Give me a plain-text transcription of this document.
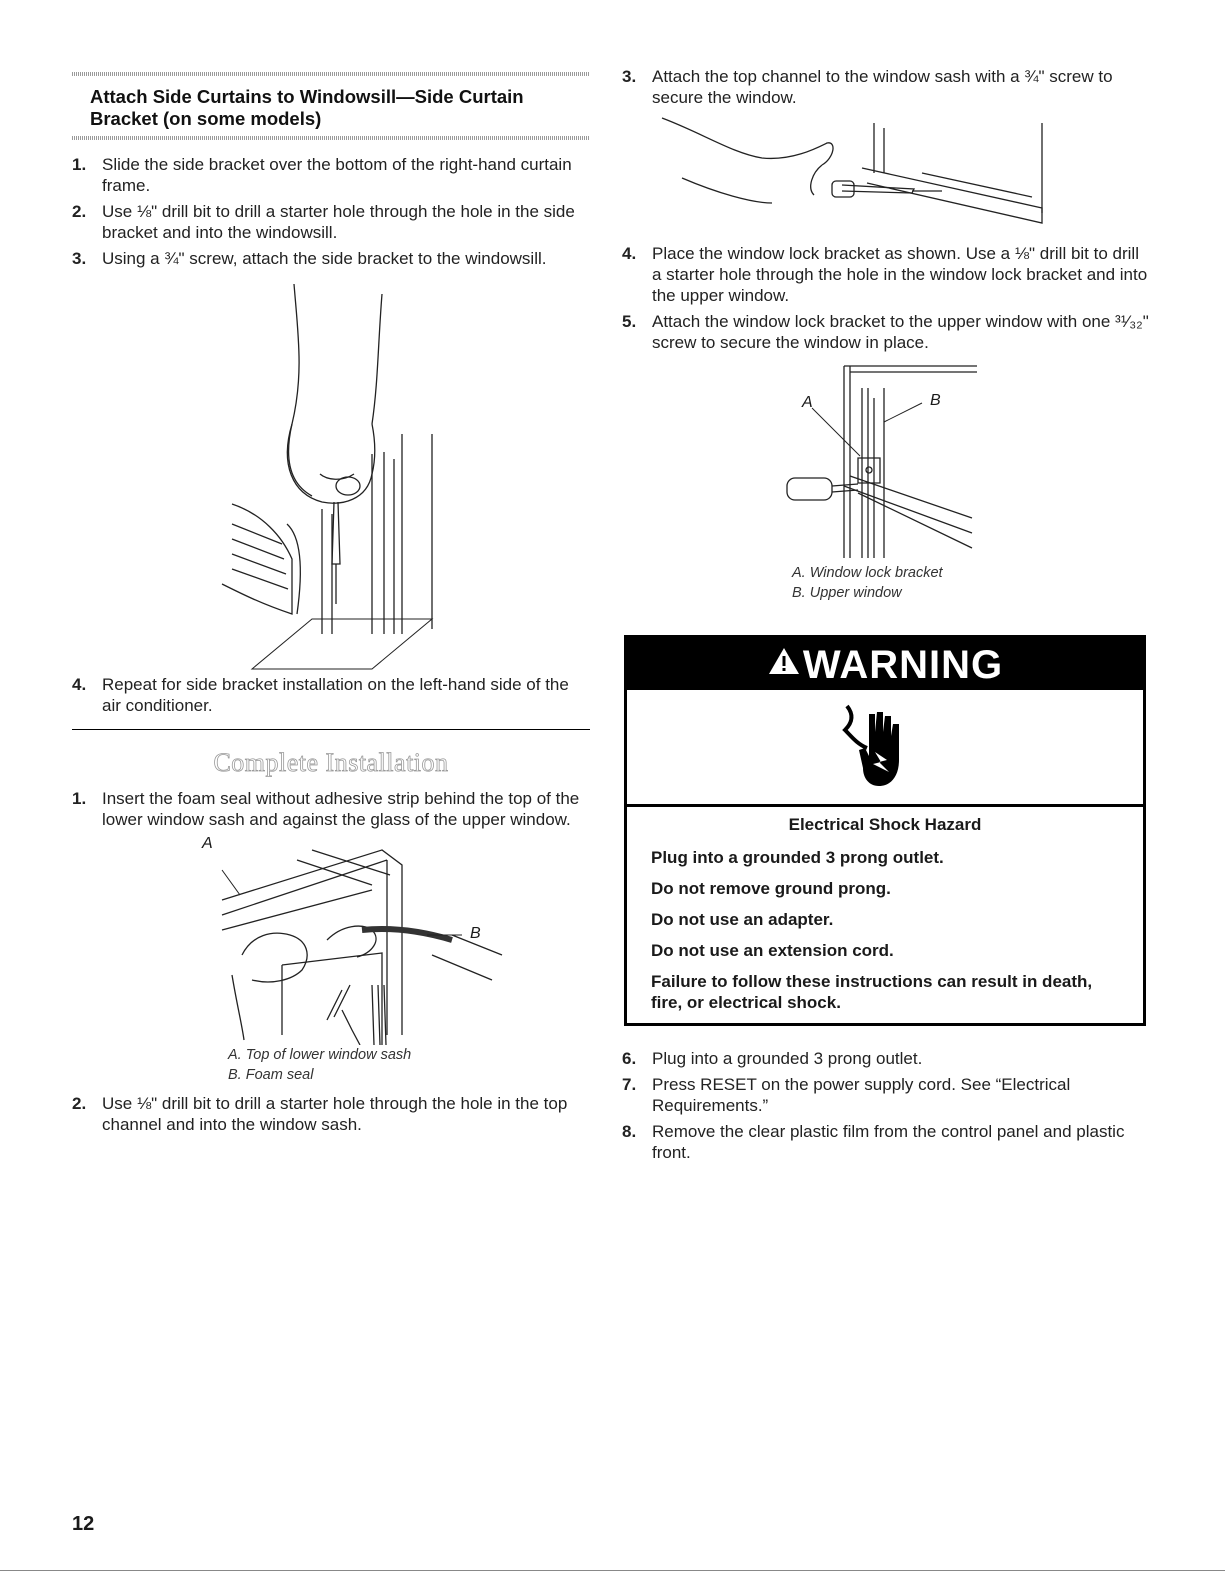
Attach Side Curtains to Windowsill—Side Curtain
Bracket (on some models)
1. Slide the side bracket over the bottom of the right-hand curtain frame.
2. Use ⅛" drill bit to drill a starter hole through the hole in the side bracket and into the windowsill.
3. Using a ¾" screw, attach the side bracket to the windowsill.
4. Repeat for side bracket installation on the left-hand side of the air conditioner.
Complete Installation
1. Insert the foam seal without adhesive strip behind the top of the lower window sash and against the glass of the upper window.
A
B
A. Top of lower window sash
B. Foam seal
2. Use ⅛" drill bit to drill a starter hole through the hole in the top channel and into the window sash.
3. Attach the top channel to the window sash with a ¾" screw to secure the window.
4. Place the window lock bracket as shown. Use a ⅛" drill bit to drill a starter hole through the hole in the window lock bracket and into the upper window.
5. Attach the window lock bracket to the upper window with one ³¹⁄₃₂" screw to secure the window in place.
A	B
A. Window lock bracket
B. Upper window
WARNING
Electrical Shock Hazard
Plug into a grounded 3 prong outlet.
Do not remove ground prong.
Do not use an adapter.
Do not use an extension cord.
Failure to follow these instructions can result in death, fire, or electrical shock.
6. Plug into a grounded 3 prong outlet.
7. Press RESET on the power supply cord. See “Electrical Requirements.”
8. Remove the clear plastic film from the control panel and plastic front.
12
